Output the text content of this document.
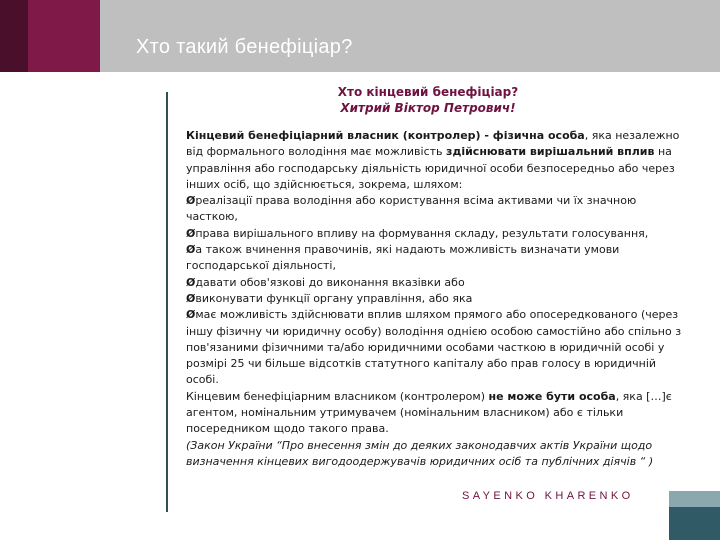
Хто такий бенефіціар?
Хто кінцевий бенефіціар?
Хитрий Віктор Петрович!

Кінцевий бенефіціарний власник (контролер) - фізична особа, яка незалежно від формального володіння має можливість здійснювати вирішальний вплив на управління або господарську діяльність юридичної особи безпосередньо або через інших осіб, що здійснюється, зокрема, шляхом:

Øреалізації права володіння або користування всіма активами чи їх значною часткою,

Øправа вирішального впливу на формування складу, результати голосування,

Øа також вчинення правочинів, які надають можливість визначати умови господарської діяльності,

Øдавати обов'язкові до виконання вказівки або

Øвиконувати функції органу управління, або яка

Øмає можливість здійснювати вплив шляхом прямого або опосередкованого (через іншу фізичну чи юридичну особу) володіння однією особою самостійно або спільно з пов'язаними фізичними та/або юридичними особами часткою в юридичній особі у розмірі 25 чи більше відсотків статутного капіталу або прав голосу в юридичній особі.

Кінцевим бенефіціарним власником (контролером) не може бути особа, яка […]є агентом, номінальним утримувачем (номінальним власником) або є тільки посередником щодо такого права.

(Закон України “Про внесення змін до деяких законодавчих актів України щодо визначення кінцевих вигодоодержувачів юридичних осіб та публічних діячів “ )

SAYENKO KHARENKO
